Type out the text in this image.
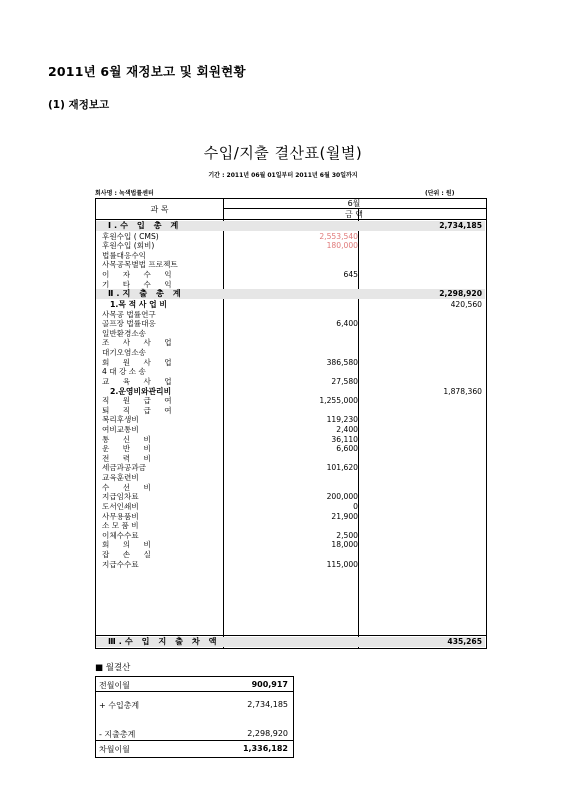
2011년 6월 재정보고 및 회원현황
(1) 재정보고
수입/지출 결산표(월별)
기간 : 2011년 06월 01일부터 2011년 6월 30일까지
회사명 : 녹색법률센터	(단위 : 원)
과 목
6월
금 액
Ⅰ.수 입 총 계	2,734,185
후원수입 ( CMS)	2,553,540
후원수입 (회비)	180,000
법률대응수익
사목공목별법 프로젝트
이 자 수 익	645
기 타 수 익
Ⅱ.지 출 총 계	2,298,920
1.목 적 사 업 비	420,560
사목공 법률연구
골프장 법률대응	6,400
일반환경소송
조 사 사 업
대기오염소송
회 원 사 업	386,580
4 대 강 소 송
교 육 사 업	27,580
2.운영비와관리비	1,878,360
직 원 급 여	1,255,000
퇴 직 급 여
복리후생비	119,230
여비교통비	2,400
통 신 비	36,110
운 반 비	6,600
전 력 비
세금과공과금	101,620
교육훈련비
수 선 비
지급임차료	200,000
도서인쇄비	0
사무용품비	21,900
소 모 품 비
이체수수료	2,500
회 의 비	18,000
잡 손 실
지급수수료	115,000
Ⅲ.수 입 지 출 차 액	435,265
■ 월결산
전월이월	900,917
+ 수입총계	2,734,185
- 지출총계	2,298,920
차월이월	1,336,182
